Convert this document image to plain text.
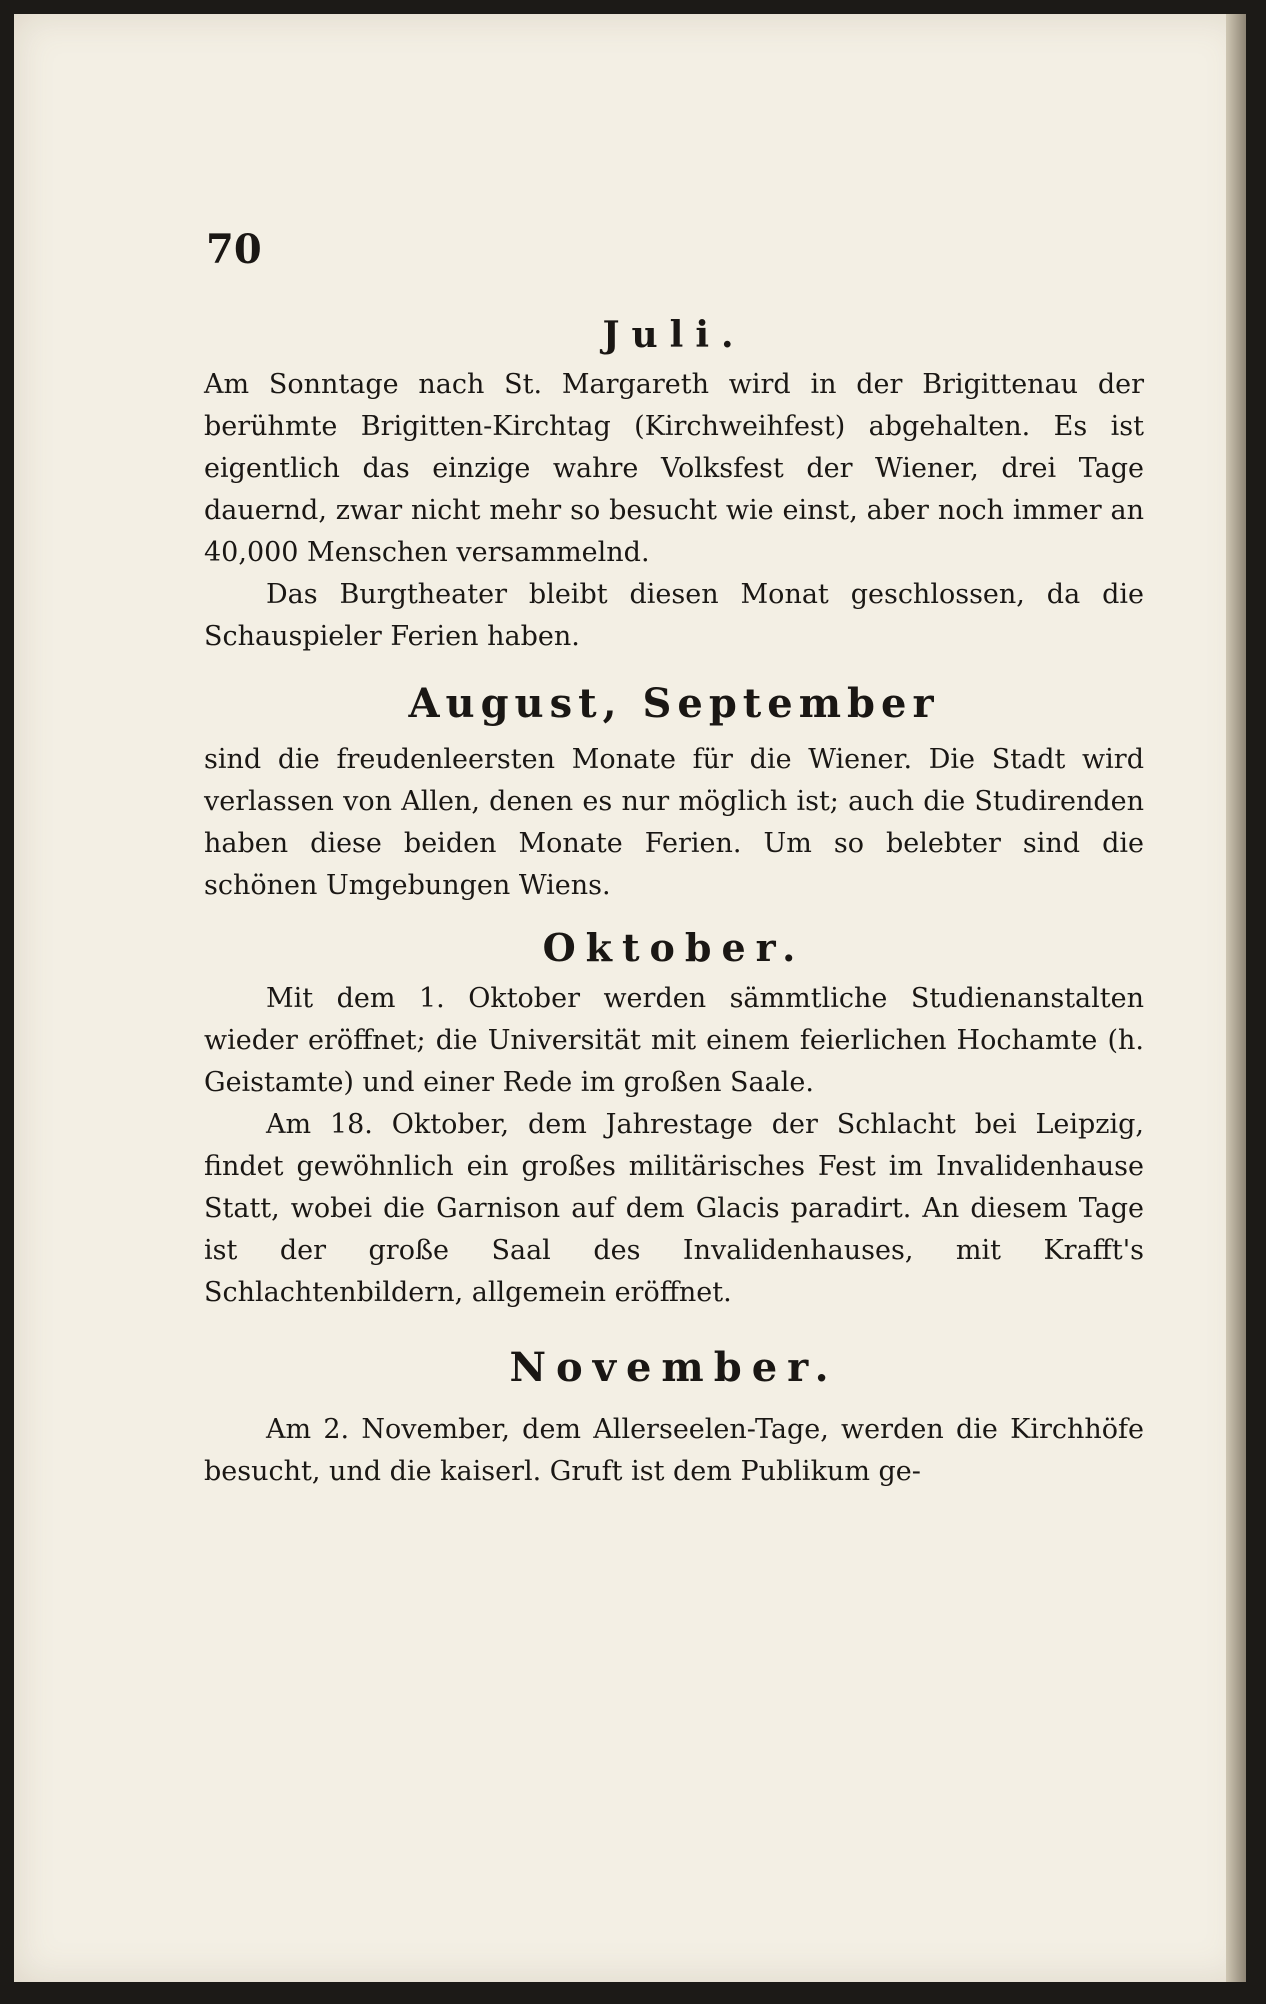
70
Juli.

Am Sonntage nach St. Margareth wird in der Brigittenau der berühmte Brigitten-Kirchtag (Kirchweihfest) abgehalten. Es ist eigentlich das einzige wahre Volksfest der Wiener, drei Tage dauernd, zwar nicht mehr so besucht wie einst, aber noch immer an 40,000 Menschen versammelnd.

Das Burgtheater bleibt diesen Monat geschlossen, da die Schauspieler Ferien haben.

August, September

sind die freudenleersten Monate für die Wiener. Die Stadt wird verlassen von Allen, denen es nur möglich ist; auch die Studirenden haben diese beiden Monate Ferien. Um so belebter sind die schönen Umgebungen Wiens.

Oktober.

Mit dem 1. Oktober werden sämmtliche Studienanstalten wieder eröffnet; die Universität mit einem feierlichen Hochamte (h. Geistamte) und einer Rede im großen Saale.

Am 18. Oktober, dem Jahrestage der Schlacht bei Leipzig, findet gewöhnlich ein großes militärisches Fest im Invalidenhause Statt, wobei die Garnison auf dem Glacis paradirt. An diesem Tage ist der große Saal des Invalidenhauses, mit Krafft's Schlachtenbildern, allgemein eröffnet.

November.

Am 2. November, dem Allerseelen-Tage, werden die Kirchhöfe besucht, und die kaiserl. Gruft ist dem Publikum ge-
